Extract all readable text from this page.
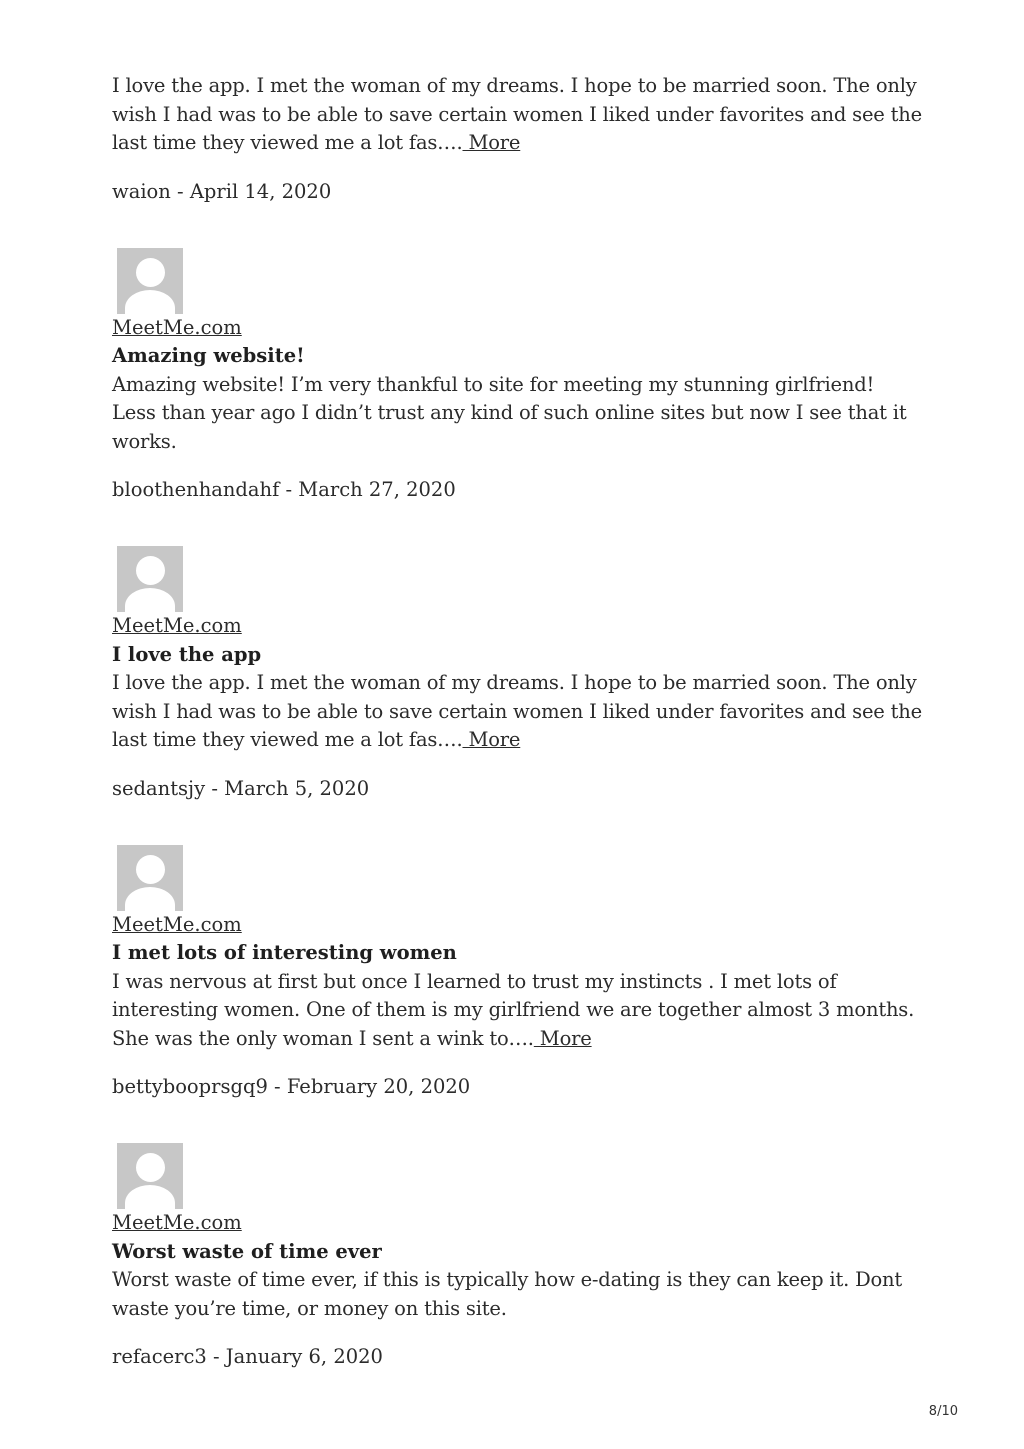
I love the app. I met the woman of my dreams. I hope to be married soon. The only wish I had was to be able to save certain women I liked under favorites and see the last time they viewed me a lot fas…. More

waion - April 14, 2020

MeetMe.com

Amazing website!

Amazing website! I’m very thankful to site for meeting my stunning girlfriend! Less than year ago I didn’t trust any kind of such online sites but now I see that it works.

bloothenhandahf - March 27, 2020

MeetMe.com

I love the app

I love the app. I met the woman of my dreams. I hope to be married soon. The only wish I had was to be able to save certain women I liked under favorites and see the last time they viewed me a lot fas…. More

sedantsjy - March 5, 2020

MeetMe.com

I met lots of interesting women

I was nervous at first but once I learned to trust my instincts . I met lots of interesting women. One of them is my girlfriend we are together almost 3 months. She was the only woman I sent a wink to…. More

bettybooprsgq9 - February 20, 2020

MeetMe.com

Worst waste of time ever

Worst waste of time ever, if this is typically how e-dating is they can keep it. Dont waste you’re time, or money on this site.

refacerc3 - January 6, 2020

8/10
